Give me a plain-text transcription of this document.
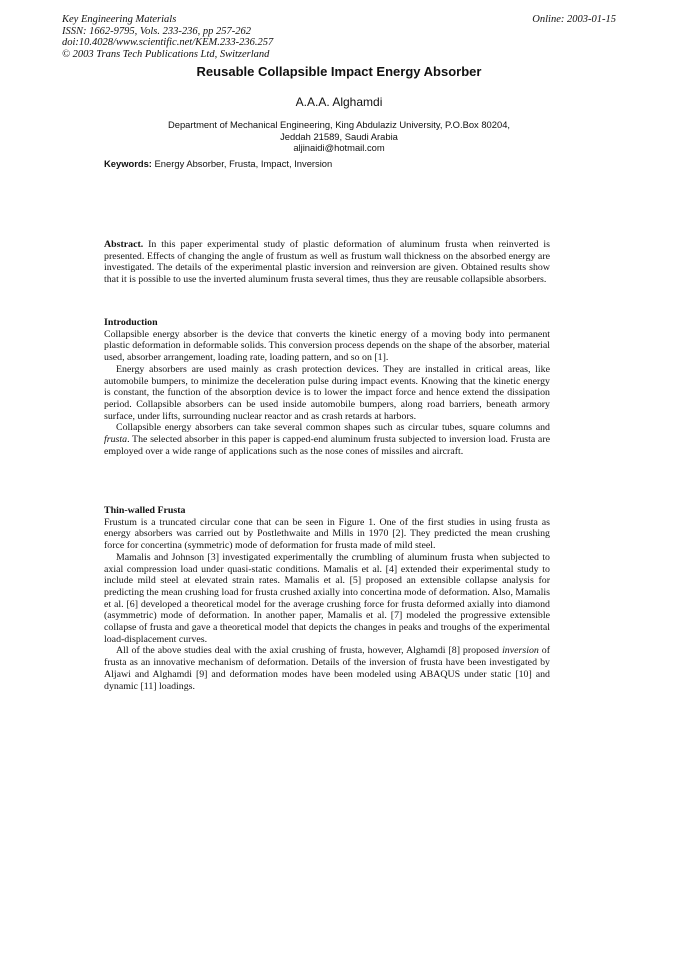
Key Engineering Materials
ISSN: 1662-9795, Vols. 233-236, pp 257-262
doi:10.4028/www.scientific.net/KEM.233-236.257
© 2003 Trans Tech Publications Ltd, Switzerland
Online: 2003-01-15
Reusable Collapsible Impact Energy Absorber
A.A.A. Alghamdi
Department of Mechanical Engineering, King Abdulaziz University, P.O.Box 80204,
Jeddah 21589, Saudi Arabia
aljinaidi@hotmail.com
Keywords: Energy Absorber, Frusta, Impact, Inversion

Abstract. In this paper experimental study of plastic deformation of aluminum frusta when reinverted is presented. Effects of changing the angle of frustum as well as frustum wall thickness on the absorbed energy are investigated. The details of the experimental plastic inversion and reinversion are given. Obtained results show that it is possible to use the inverted aluminum frusta several times, thus they are reusable collapsible absorbers.

Introduction

Collapsible energy absorber is the device that converts the kinetic energy of a moving body into permanent plastic deformation in deformable solids. This conversion process depends on the shape of the absorber, material used, absorber arrangement, loading rate, loading pattern, and so on [1].

Energy absorbers are used mainly as crash protection devices. They are installed in critical areas, like automobile bumpers, to minimize the deceleration pulse during impact events. Knowing that the kinetic energy is constant, the function of the absorption device is to lower the impact force and hence extend the dissipation period. Collapsible absorbers can be used inside automobile bumpers, along road barriers, beneath armory surface, under lifts, surrounding nuclear reactor and as crash retards at harbors.

Collapsible energy absorbers can take several common shapes such as circular tubes, square columns and frusta. The selected absorber in this paper is capped-end aluminum frusta subjected to inversion load. Frusta are employed over a wide range of applications such as the nose cones of missiles and aircraft.

Thin-walled Frusta

Frustum is a truncated circular cone that can be seen in Figure 1. One of the first studies in using frusta as energy absorbers was carried out by Postlethwaite and Mills in 1970 [2]. They predicted the mean crushing force for concertina (symmetric) mode of deformation for frusta made of mild steel.

Mamalis and Johnson [3] investigated experimentally the crumbling of aluminum frusta when subjected to axial compression load under quasi-static conditions. Mamalis et al. [4] extended their experimental study to include mild steel at elevated strain rates. Mamalis et al. [5] proposed an extensible collapse analysis for predicting the mean crushing load for frusta crushed axially into concertina mode of deformation. Also, Mamalis et al. [6] developed a theoretical model for the average crushing force for frusta deformed axially into diamond (asymmetric) mode of deformation. In another paper, Mamalis et al. [7] modeled the progressive extensible collapse of frusta and gave a theoretical model that depicts the changes in peaks and troughs of the experimental load-displacement curves.

All of the above studies deal with the axial crushing of frusta, however, Alghamdi [8] proposed inversion of frusta as an innovative mechanism of deformation. Details of the inversion of frusta have been investigated by Aljawi and Alghamdi [9] and deformation modes have been modeled using ABAQUS under static [10] and dynamic [11] loadings.
